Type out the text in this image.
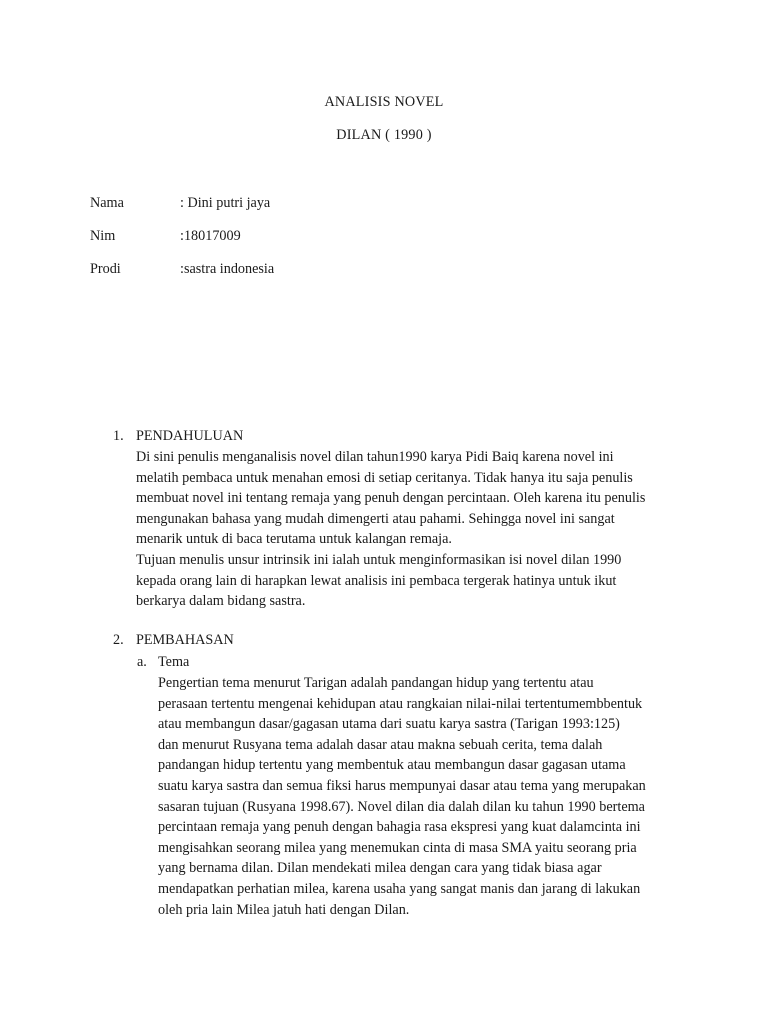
ANALISIS NOVEL
DILAN ( 1990 )
Nama	: Dini putri jaya
Nim	:18017009
Prodi	:sastra indonesia
1. PENDAHULUAN
Di sini penulis menganalisis novel dilan tahun1990 karya Pidi Baiq karena novel ini
melatih pembaca untuk menahan emosi di setiap ceritanya. Tidak hanya itu saja penulis
membuat novel ini tentang remaja yang penuh dengan percintaan. Oleh karena itu penulis
mengunakan bahasa yang mudah dimengerti atau pahami. Sehingga novel ini sangat
menarik untuk di baca terutama untuk kalangan remaja.
Tujuan menulis unsur intrinsik ini ialah untuk menginformasikan isi novel dilan 1990
kepada orang lain di harapkan lewat analisis ini pembaca tergerak hatinya untuk ikut
berkarya dalam bidang sastra.
2. PEMBAHASAN
a. Tema
Pengertian tema menurut Tarigan adalah pandangan hidup yang tertentu atau
perasaan tertentu mengenai kehidupan atau rangkaian nilai-nilai tertentumembbentuk
atau membangun dasar/gagasan utama dari suatu karya sastra (Tarigan 1993:125)
dan menurut Rusyana tema adalah dasar atau makna sebuah cerita, tema dalah
pandangan hidup tertentu yang membentuk atau membangun dasar gagasan utama
suatu karya sastra dan semua fiksi harus mempunyai dasar atau tema yang merupakan
sasaran tujuan (Rusyana 1998.67). Novel dilan dia dalah dilan ku tahun 1990 bertema
percintaan remaja yang penuh dengan bahagia rasa ekspresi yang kuat dalamcinta ini
mengisahkan seorang milea yang menemukan cinta di masa SMA yaitu seorang pria
yang bernama dilan. Dilan mendekati milea dengan cara yang tidak biasa agar
mendapatkan perhatian milea, karena usaha yang sangat manis dan jarang di lakukan
oleh pria lain Milea jatuh hati dengan Dilan.
